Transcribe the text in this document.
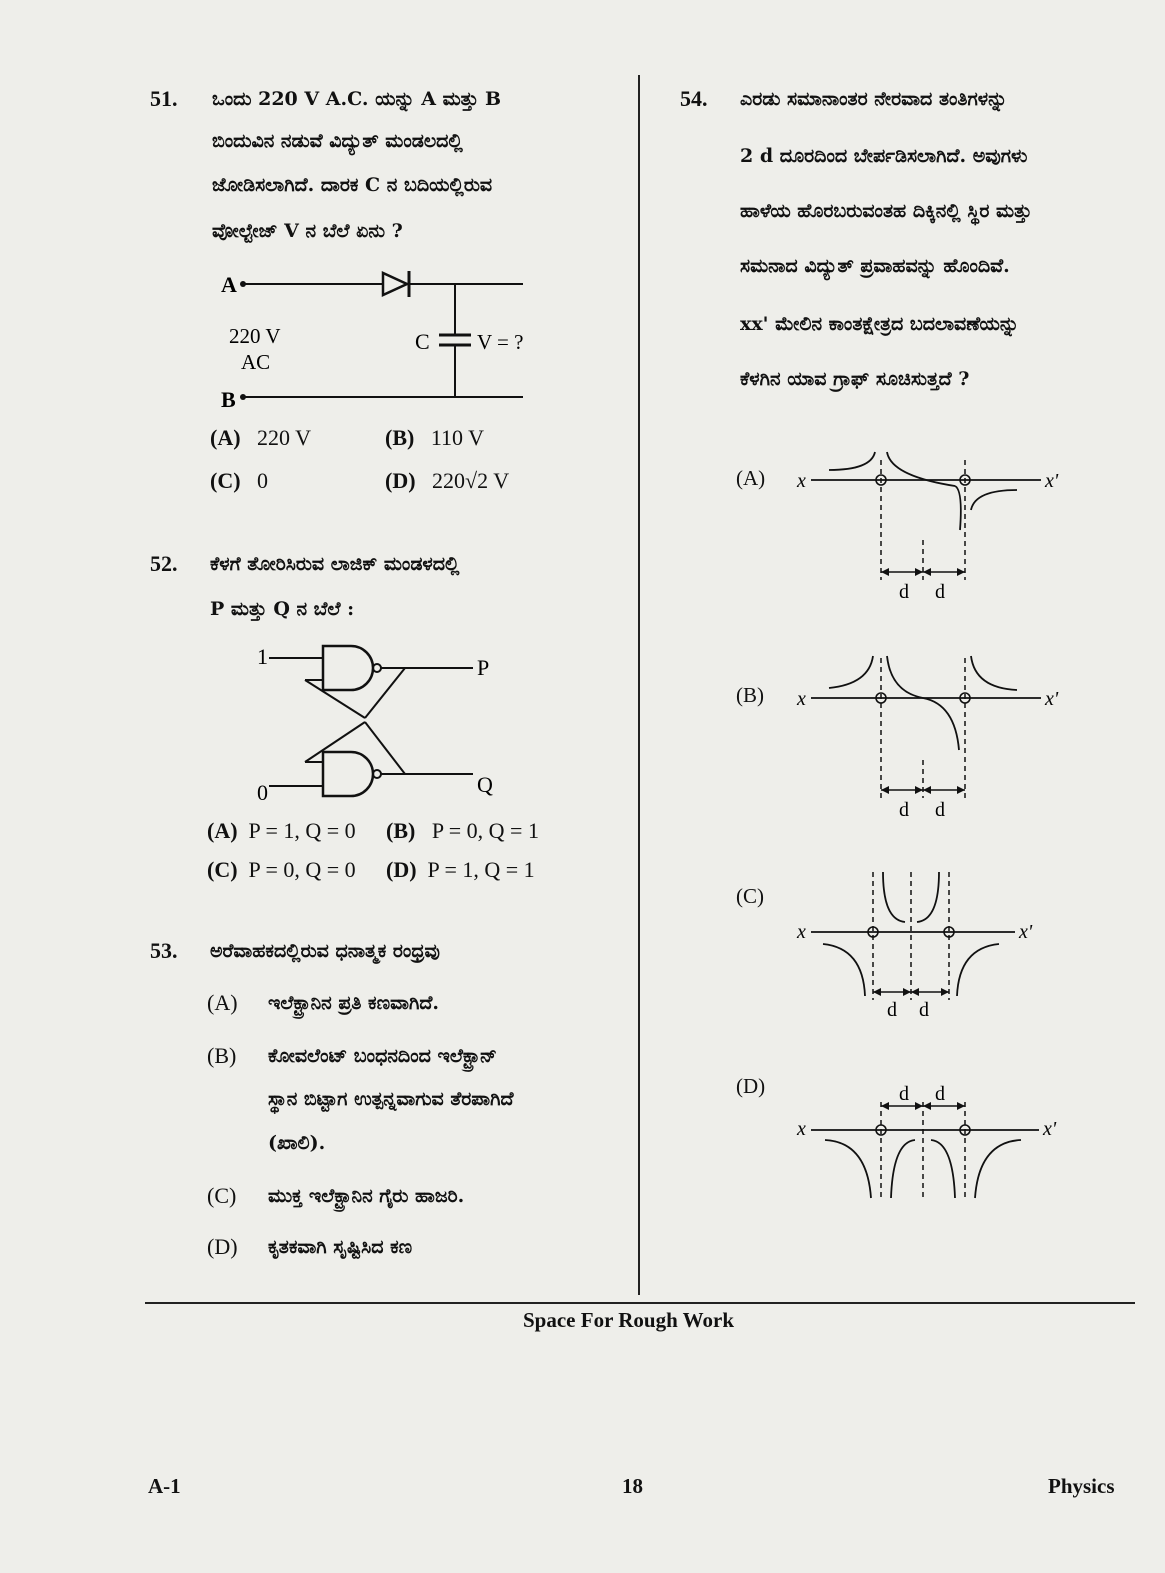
51. ಒಂದು 220 V A.C. ಯನ್ನು A ಮತ್ತು B
ಬಿಂದುವಿನ ನಡುವೆ ವಿದ್ಯುತ್ ಮಂಡಲದಲ್ಲಿ
ಜೋಡಿಸಲಾಗಿದೆ. ದಾರಕ C ನ ಬದಿಯಲ್ಲಿರುವ
ವೋಲ್ಟೇಜ್ V ನ ಬೆಲೆ ಏನು ?
A
B
220 V
AC
C V = ?
(A) 220 V	(B) 110 V
(C) 0	(D) 220√2 V
52. ಕೆಳಗೆ ತೋರಿಸಿರುವ ಲಾಜಿಕ್ ಮಂಡಳದಲ್ಲಿ
P ಮತ್ತು Q ನ ಬೆಲೆ :
1
0
P
Q
(A) P = 1, Q = 0 (B) P = 0, Q = 1
(C) P = 0, Q = 0 (D) P = 1, Q = 1
53. ಅರೆವಾಹಕದಲ್ಲಿರುವ ಧನಾತ್ಮಕ ರಂಧ್ರವು
(A) ಇಲೆಕ್ಟ್ರಾನಿನ ಪ್ರತಿ ಕಣವಾಗಿದೆ.
(B) ಕೋವಲೆಂಟ್ ಬಂಧನದಿಂದ ಇಲೆಕ್ಟ್ರಾನ್
ಸ್ಥಾನ ಬಿಟ್ಟಾಗ ಉತ್ಪನ್ನವಾಗುವ ತೆರಪಾಗಿದೆ
(ಖಾಲಿ).
(C) ಮುಕ್ತ ಇಲೆಕ್ಟ್ರಾನಿನ ಗೈರು ಹಾಜರಿ.
(D) ಕೃತಕವಾಗಿ ಸೃಷ್ಟಿಸಿದ ಕಣ
54. ಎರಡು ಸಮಾನಾಂತರ ನೇರವಾದ ತಂತಿಗಳನ್ನು
2 d ದೂರದಿಂದ ಬೇರ್ಪಡಿಸಲಾಗಿದೆ. ಅವುಗಳು
ಹಾಳೆಯ ಹೊರಬರುವಂತಹ ದಿಕ್ಕಿನಲ್ಲಿ ಸ್ಥಿರ ಮತ್ತು
ಸಮನಾದ ವಿದ್ಯುತ್ ಪ್ರವಾಹವನ್ನು ಹೊಂದಿವೆ.
xx' ಮೇಲಿನ ಕಾಂತಕ್ಷೇತ್ರದ ಬದಲಾವಣೆಯನ್ನು
ಕೆಳಗಿನ ಯಾವ ಗ್ರಾಫ್ ಸೂಚಿಸುತ್ತದೆ ?
(A) x	x'
d d
(B) x	x'
d d
(C)
x	x'
d d
(D)
x	x'
d d
Space For Rough Work
A-1	18	Physics
